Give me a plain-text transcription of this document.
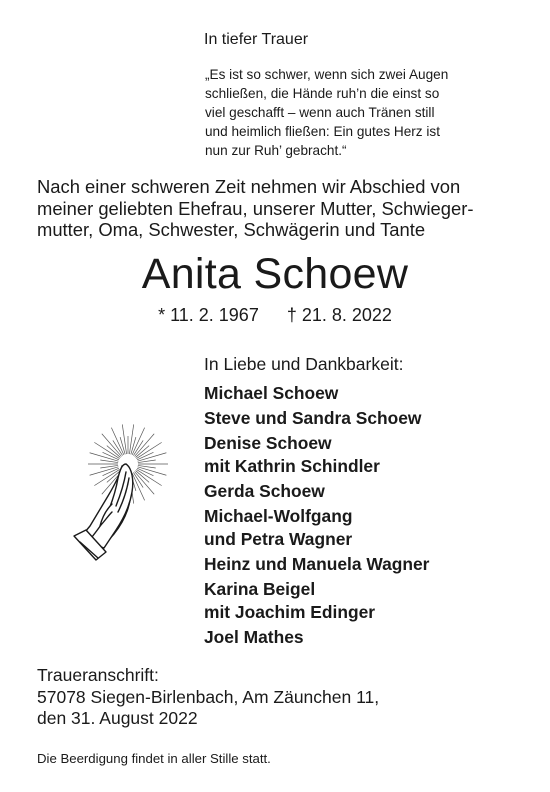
In tiefer Trauer
„Es ist so schwer, wenn sich zwei Augen
schließen, die Hände ruh’n die einst so
viel geschafft – wenn auch Tränen still
und heimlich fließen: Ein gutes Herz ist
nun zur Ruh’ gebracht.“
Nach einer schweren Zeit nehmen wir Abschied von
meiner geliebten Ehefrau, unserer Mutter, Schwieger-
mutter, Oma, Schwester, Schwägerin und Tante
Anita Schoew
* 11. 2. 1967 † 21. 8. 2022
In Liebe und Dankbarkeit:
Michael Schoew
Steve und Sandra Schoew
Denise Schoew
mit Kathrin Schindler
Gerda Schoew
Michael-Wolfgang
und Petra Wagner
Heinz und Manuela Wagner
Karina Beigel
mit Joachim Edinger
Joel Mathes
Traueranschrift:
57078 Siegen-Birlenbach, Am Zäunchen 11,
den 31. August 2022
Die Beerdigung findet in aller Stille statt.
